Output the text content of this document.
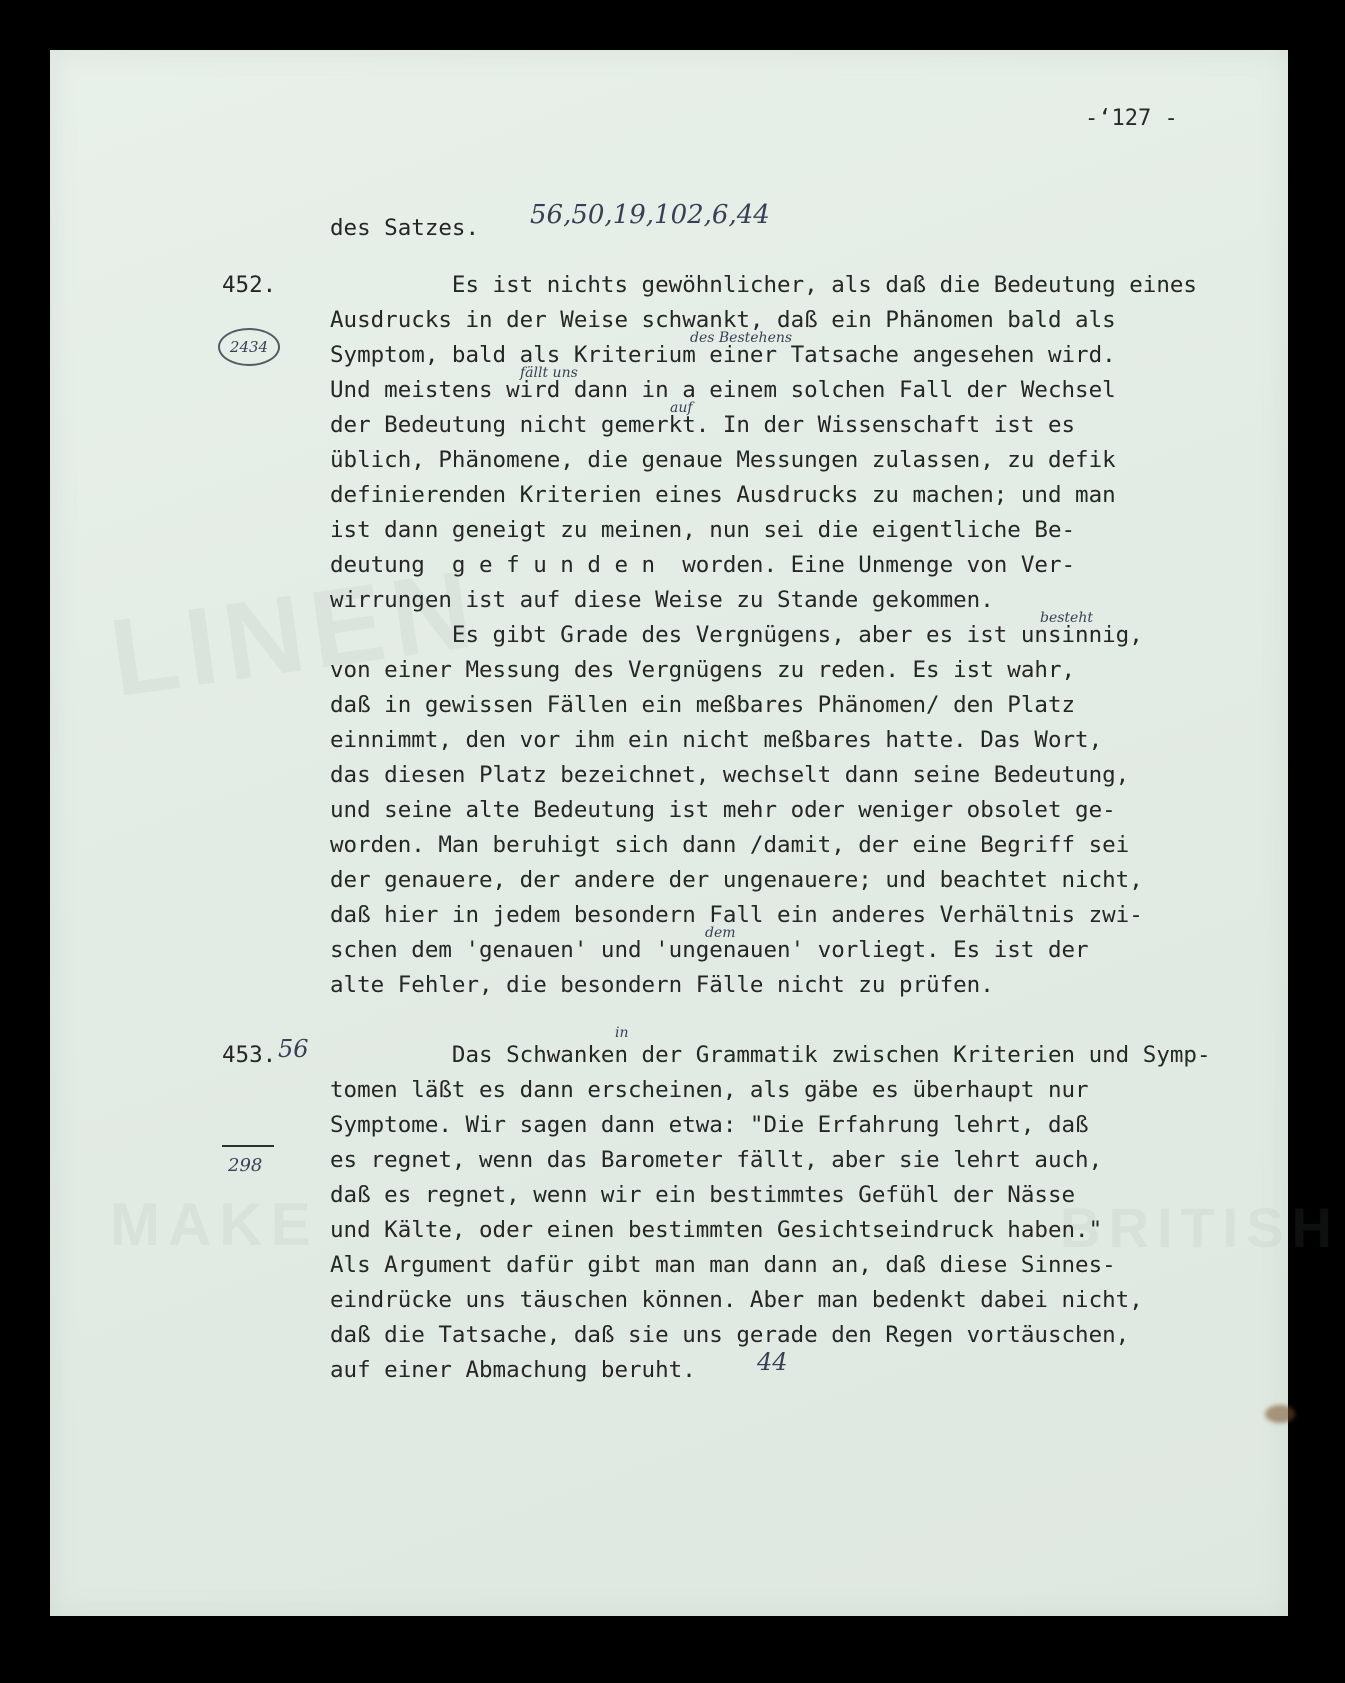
LINEN
MAKE	BRITISH
-‘127 -
des Satzes. 56,50,19,102,6,44
452.
2434
Es ist nichts gewöhnlicher, als daß die Bedeutung eines
Ausdrucks in der Weise schwankt, daß ein Phänomen bald als
des Bestehens
Symptom, bald als Kriterium einer Tatsache angesehen wird.
fällt uns
Und meistens wird dann in a einem solchen Fall der Wechsel
auf
der Bedeutung nicht gemerkt. In der Wissenschaft ist es
üblich, Phänomene, die genaue Messungen zulassen, zu defik
definierenden Kriterien eines Ausdrucks zu machen; und man
ist dann geneigt zu meinen, nun sei die eigentliche Be-
deutung  g e f u n d e n  worden. Eine Unmenge von Ver-
wirrungen ist auf diese Weise zu Stande gekommen.
besteht
Es gibt Grade des Vergnügens, aber es ist unsinnig,
von einer Messung des Vergnügens zu reden. Es ist wahr,
daß in gewissen Fällen ein meßbares Phänomen/ den Platz
einnimmt, den vor ihm ein nicht meßbares hatte. Das Wort,
das diesen Platz bezeichnet, wechselt dann seine Bedeutung,
und seine alte Bedeutung ist mehr oder weniger obsolet ge-
worden. Man beruhigt sich dann /damit, der eine Begriff sei
der genauere, der andere der ungenauere; und beachtet nicht,
daß hier in jedem besondern Fall ein anderes Verhältnis zwi-
dem
schen dem 'genauen' und 'ungenauen' vorliegt. Es ist der
alte Fehler, die besondern Fälle nicht zu prüfen.
453. 56
298
in
Das Schwanken der Grammatik zwischen Kriterien und Symp-
tomen läßt es dann erscheinen, als gäbe es überhaupt nur
Symptome. Wir sagen dann etwa: "Die Erfahrung lehrt, daß
es regnet, wenn das Barometer fällt, aber sie lehrt auch,
daß es regnet, wenn wir ein bestimmtes Gefühl der Nässe
und Kälte, oder einen bestimmten Gesichtseindruck haben."
Als Argument dafür gibt man man dann an, daß diese Sinnes-
eindrücke uns täuschen können. Aber man bedenkt dabei nicht,
daß die Tatsache, daß sie uns gerade den Regen vortäuschen,
auf einer Abmachung beruht.	44
